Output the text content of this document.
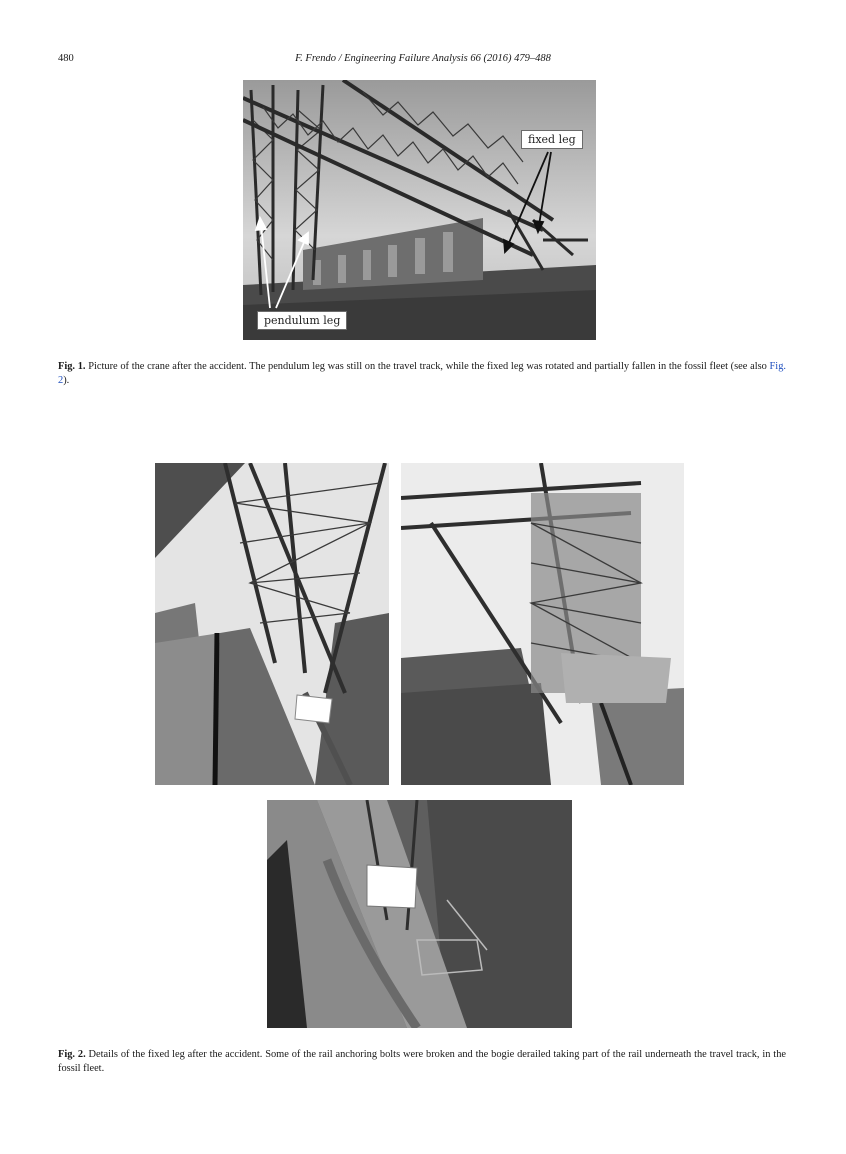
480	F. Frendo / Engineering Failure Analysis 66 (2016) 479–488
fixed leg
pendulum leg
Fig. 1. Picture of the crane after the accident. The pendulum leg was still on the travel track, while the fixed leg was rotated and partially fallen in the fossil fleet (see also Fig. 2).
Fig. 2. Details of the fixed leg after the accident. Some of the rail anchoring bolts were broken and the bogie derailed taking part of the rail underneath the travel track, in the fossil fleet.
